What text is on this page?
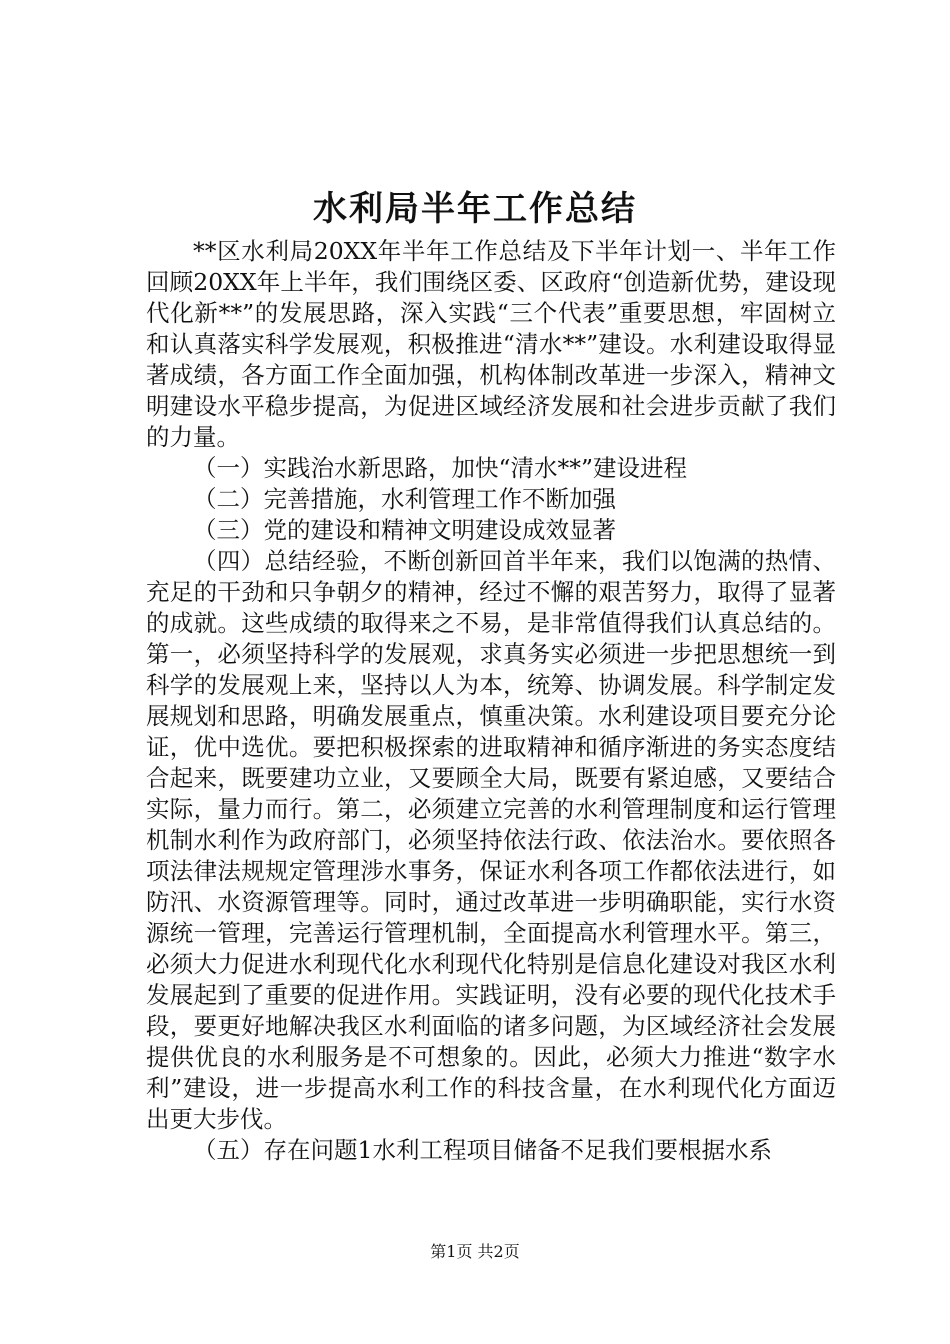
水利局半年工作总结

**区水利局20XX年半年工作总结及下半年计划一、半年工作回顾20XX年上半年，我们围绕区委、区政府“创造新优势，建设现代化新**”的发展思路，深入实践“三个代表”重要思想，牢固树立和认真落实科学发展观，积极推进“清水**”建设。水利建设取得显著成绩，各方面工作全面加强，机构体制改革进一步深入，精神文明建设水平稳步提高，为促进区域经济发展和社会进步贡献了我们的力量。

（一）实践治水新思路，加快“清水**”建设进程

（二）完善措施，水利管理工作不断加强

（三）党的建设和精神文明建设成效显著

（四）总结经验，不断创新回首半年来，我们以饱满的热情、充足的干劲和只争朝夕的精神，经过不懈的艰苦努力，取得了显著的成就。这些成绩的取得来之不易，是非常值得我们认真总结的。第一，必须坚持科学的发展观，求真务实必须进一步把思想统一到科学的发展观上来，坚持以人为本，统筹、协调发展。科学制定发展规划和思路，明确发展重点，慎重决策。水利建设项目要充分论证，优中选优。要把积极探索的进取精神和循序渐进的务实态度结合起来，既要建功立业，又要顾全大局，既要有紧迫感，又要结合实际，量力而行。第二，必须建立完善的水利管理制度和运行管理机制水利作为政府部门，必须坚持依法行政、依法治水。要依照各项法律法规规定管理涉水事务，保证水利各项工作都依法进行，如防汛、水资源管理等。同时，通过改革进一步明确职能，实行水资源统一管理，完善运行管理机制，全面提高水利管理水平。第三，必须大力促进水利现代化水利现代化特别是信息化建设对我区水利发展起到了重要的促进作用。实践证明，没有必要的现代化技术手段，要更好地解决我区水利面临的诸多问题，为区域经济社会发展提供优良的水利服务是不可想象的。因此，必须大力推进“数字水利”建设，进一步提高水利工作的科技含量，在水利现代化方面迈出更大步伐。

（五）存在问题1水利工程项目储备不足我们要根据水系

第1页 共2页
